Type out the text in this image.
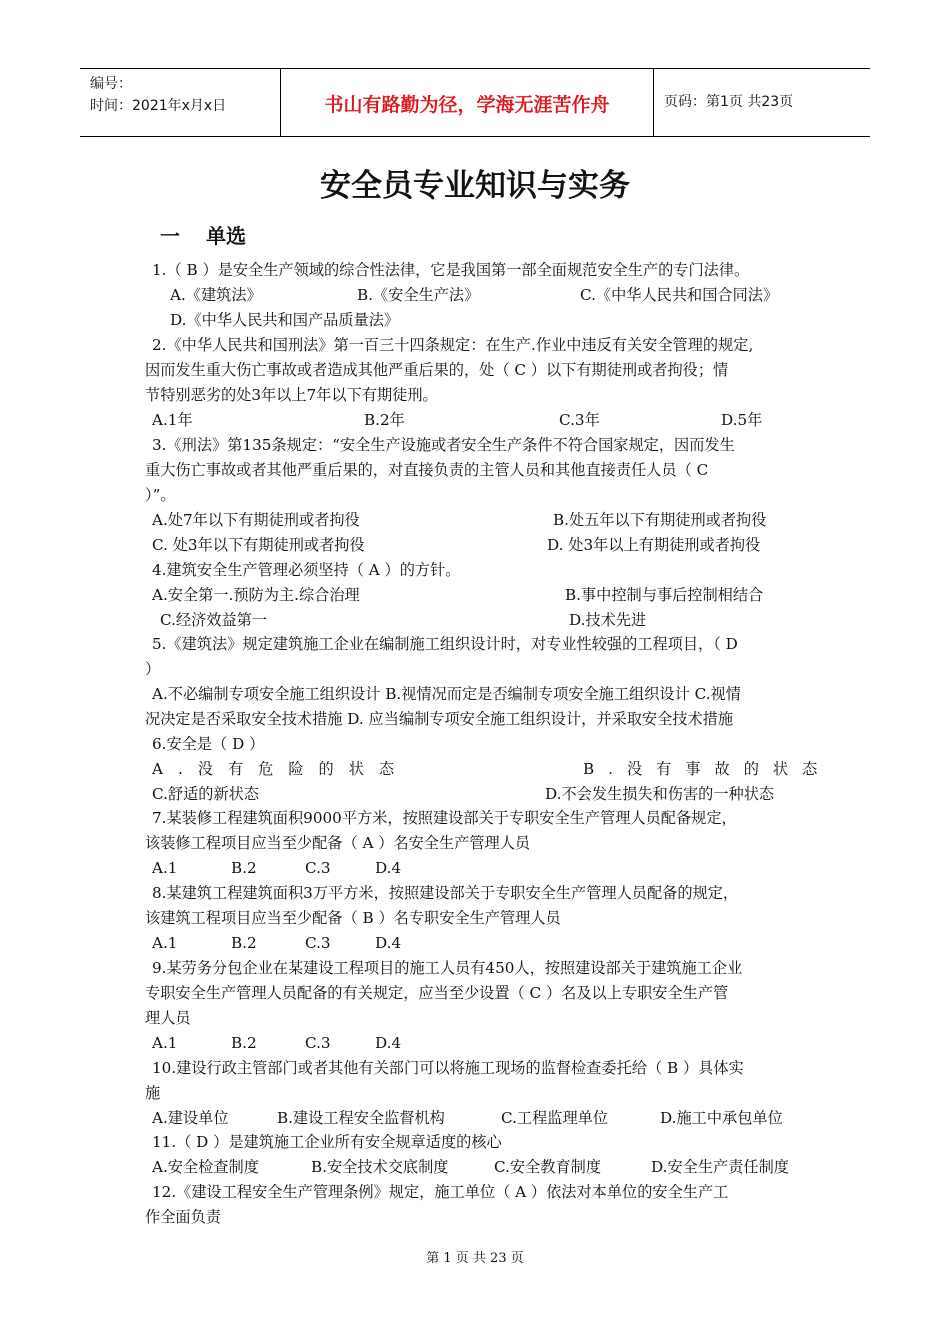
编号：
时间：2021年x月x日	书山有路勤为径，学海无涯苦作舟	页码：第1页 共23页
安全员专业知识与实务
一 单选
1.（ B ）是安全生产领域的综合性法律，它是我国第一部全面规范安全生产的专门法律。
A.《建筑法》	B.《安全生产法》	C.《中华人民共和国合同法》
D.《中华人民共和国产品质量法》
2.《中华人民共和国刑法》第一百三十四条规定：在生产.作业中违反有关安全管理的规定,
因而发生重大伤亡事故或者造成其他严重后果的，处（ C ）以下有期徒刑或者拘役；情
节特别恶劣的处3年以上7年以下有期徒刑。
A.1年	B.2年	C.3年	D.5年
3.《刑法》第135条规定：“安全生产设施或者安全生产条件不符合国家规定，因而发生
重大伤亡事故或者其他严重后果的，对直接负责的主管人员和其他直接责任人员（ C
）”。
A.处7年以下有期徒刑或者拘役	B.处五年以下有期徒刑或者拘役
C. 处3年以下有期徒刑或者拘役	D. 处3年以上有期徒刑或者拘役
4.建筑安全生产管理必须坚持（ A ）的方针。
A.安全第一.预防为主.综合治理	B.事中控制与事后控制相结合
C.经济效益第一	D.技术先进
5.《建筑法》规定建筑施工企业在编制施工组织设计时，对专业性较强的工程项目，（ D
）
A.不必编制专项安全施工组织设计 B.视情况而定是否编制专项安全施工组织设计 C.视情
况决定是否采取安全技术措施 D. 应当编制专项安全施工组织设计，并采取安全技术措施
6.安全是（ D ）
A.没有危险的状态	B.没有事故的状态
C.舒适的新状态	D.不会发生损失和伤害的一种状态
7.某装修工程建筑面积9000平方米，按照建设部关于专职安全生产管理人员配备规定，
该装修工程项目应当至少配备（ A ）名安全生产管理人员
A.1	B.2	C.3	D.4
8.某建筑工程建筑面积3万平方米，按照建设部关于专职安全生产管理人员配备的规定，
该建筑工程项目应当至少配备（ B ）名专职安全生产管理人员
A.1	B.2	C.3	D.4
9.某劳务分包企业在某建设工程项目的施工人员有450人，按照建设部关于建筑施工企业
专职安全生产管理人员配备的有关规定，应当至少设置（ C ）名及以上专职安全生产管
理人员
A.1	B.2	C.3	D.4
10.建设行政主管部门或者其他有关部门可以将施工现场的监督检查委托给（ B ）具体实
施
A.建设单位	B.建设工程安全监督机构	C.工程监理单位	D.施工中承包单位
11.（ D ）是建筑施工企业所有安全规章适度的核心
A.安全检查制度	B.安全技术交底制度	C.安全教育制度	D.安全生产责任制度
12.《建设工程安全生产管理条例》规定，施工单位（ A ）依法对本单位的安全生产工
作全面负责
第 1 页 共 23 页
